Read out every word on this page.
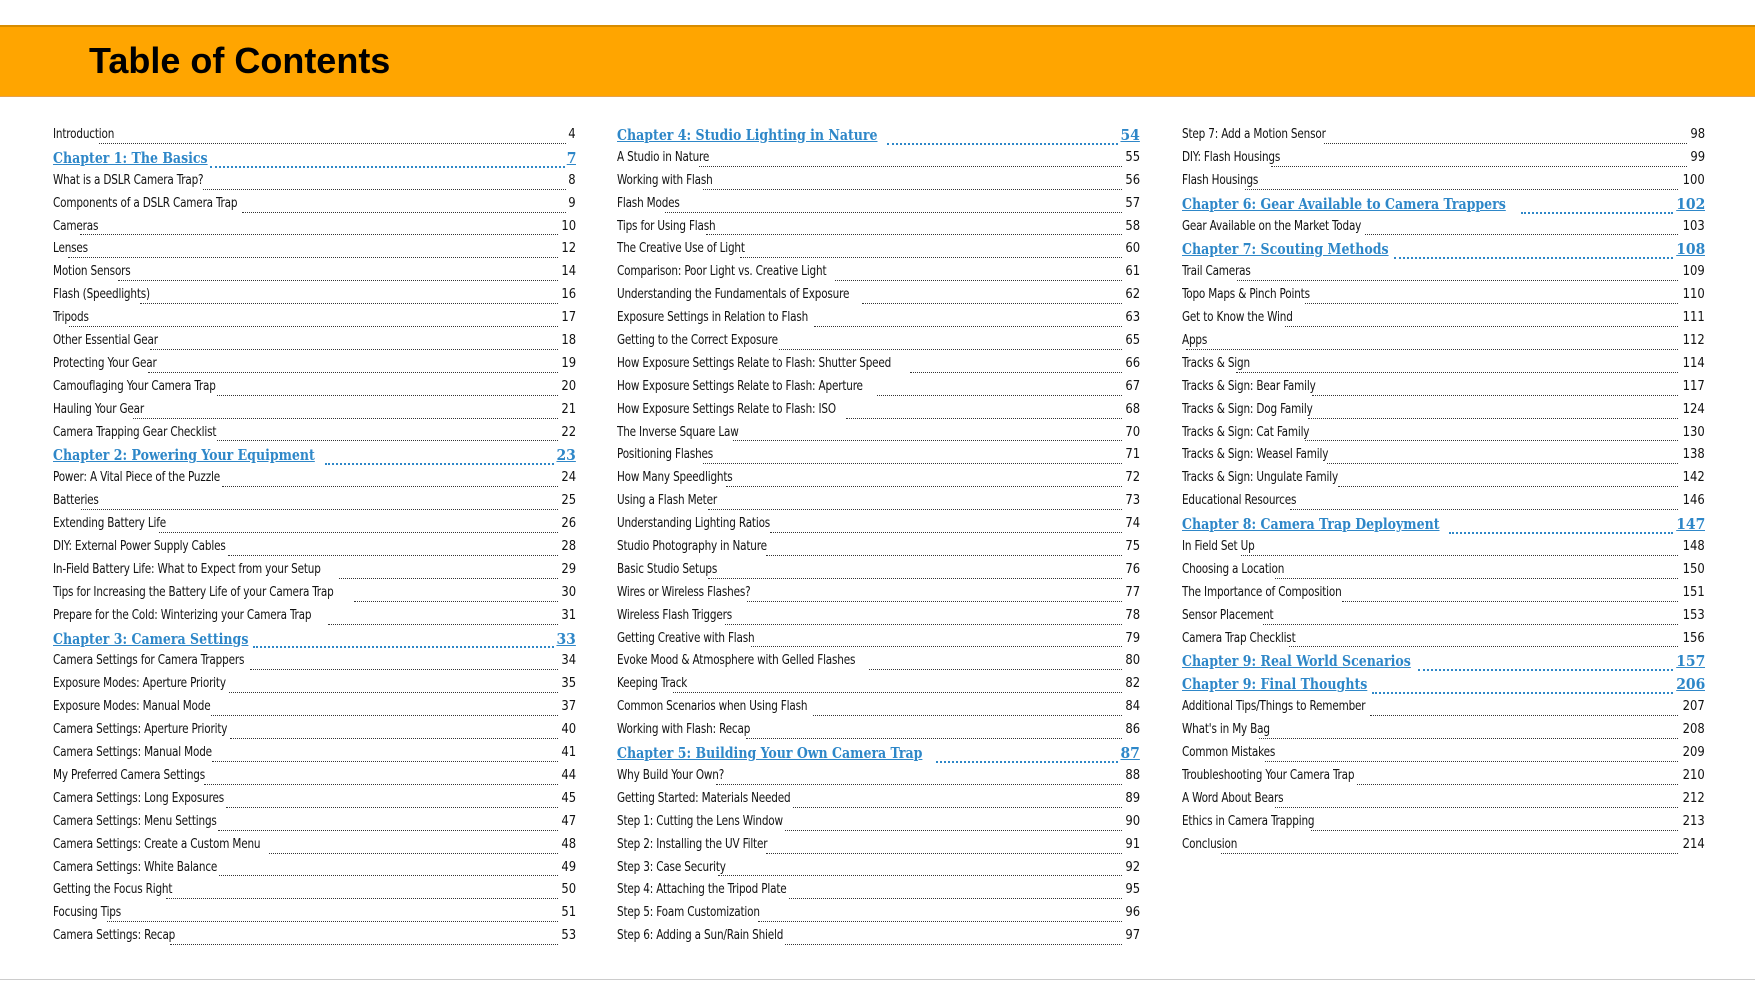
Table of Contents
Introduction	4
Chapter 1: The Basics	7
What is a DSLR Camera Trap?	8
Components of a DSLR Camera Trap	9
Cameras	10
Lenses	12
Motion Sensors	14
Flash (Speedlights)	16
Tripods	17
Other Essential Gear	18
Protecting Your Gear	19
Camouflaging Your Camera Trap	20
Hauling Your Gear	21
Camera Trapping Gear Checklist	22
Chapter 2: Powering Your Equipment	23
Power: A Vital Piece of the Puzzle	24
Batteries	25
Extending Battery Life	26
DIY: External Power Supply Cables	28
In-Field Battery Life: What to Expect from your Setup	29
Tips for Increasing the Battery Life of your Camera Trap	30
Prepare for the Cold: Winterizing your Camera Trap	31
Chapter 3: Camera Settings	33
Camera Settings for Camera Trappers	34
Exposure Modes: Aperture Priority	35
Exposure Modes: Manual Mode	37
Camera Settings: Aperture Priority	40
Camera Settings: Manual Mode	41
My Preferred Camera Settings	44
Camera Settings: Long Exposures	45
Camera Settings: Menu Settings	47
Camera Settings: Create a Custom Menu	48
Camera Settings: White Balance	49
Getting the Focus Right	50
Focusing Tips	51
Camera Settings: Recap	53
Chapter 4: Studio Lighting in Nature	54
A Studio in Nature	55
Working with Flash	56
Flash Modes	57
Tips for Using Flash	58
The Creative Use of Light	60
Comparison: Poor Light vs. Creative Light	61
Understanding the Fundamentals of Exposure	62
Exposure Settings in Relation to Flash	63
Getting to the Correct Exposure	65
How Exposure Settings Relate to Flash: Shutter Speed	66
How Exposure Settings Relate to Flash: Aperture	67
How Exposure Settings Relate to Flash: ISO	68
The Inverse Square Law	70
Positioning Flashes	71
How Many Speedlights	72
Using a Flash Meter	73
Understanding Lighting Ratios	74
Studio Photography in Nature	75
Basic Studio Setups	76
Wires or Wireless Flashes?	77
Wireless Flash Triggers	78
Getting Creative with Flash	79
Evoke Mood & Atmosphere with Gelled Flashes	80
Keeping Track	82
Common Scenarios when Using Flash	84
Working with Flash: Recap	86
Chapter 5: Building Your Own Camera Trap	87
Why Build Your Own?	88
Getting Started: Materials Needed	89
Step 1: Cutting the Lens Window	90
Step 2: Installing the UV Filter	91
Step 3: Case Security	92
Step 4: Attaching the Tripod Plate	95
Step 5: Foam Customization	96
Step 6: Adding a Sun/Rain Shield	97
Step 7: Add a Motion Sensor	98
DIY: Flash Housings	99
Flash Housings	100
Chapter 6: Gear Available to Camera Trappers	102
Gear Available on the Market Today	103
Chapter 7: Scouting Methods	108
Trail Cameras	109
Topo Maps & Pinch Points	110
Get to Know the Wind	111
Apps	112
Tracks & Sign	114
Tracks & Sign: Bear Family	117
Tracks & Sign: Dog Family	124
Tracks & Sign: Cat Family	130
Tracks & Sign: Weasel Family	138
Tracks & Sign: Ungulate Family	142
Educational Resources	146
Chapter 8: Camera Trap Deployment	147
In Field Set Up	148
Choosing a Location	150
The Importance of Composition	151
Sensor Placement	153
Camera Trap Checklist	156
Chapter 9: Real World Scenarios	157
Chapter 9: Final Thoughts	206
Additional Tips/Things to Remember	207
What's in My Bag	208
Common Mistakes	209
Troubleshooting Your Camera Trap	210
A Word About Bears	212
Ethics in Camera Trapping	213
Conclusion	214
